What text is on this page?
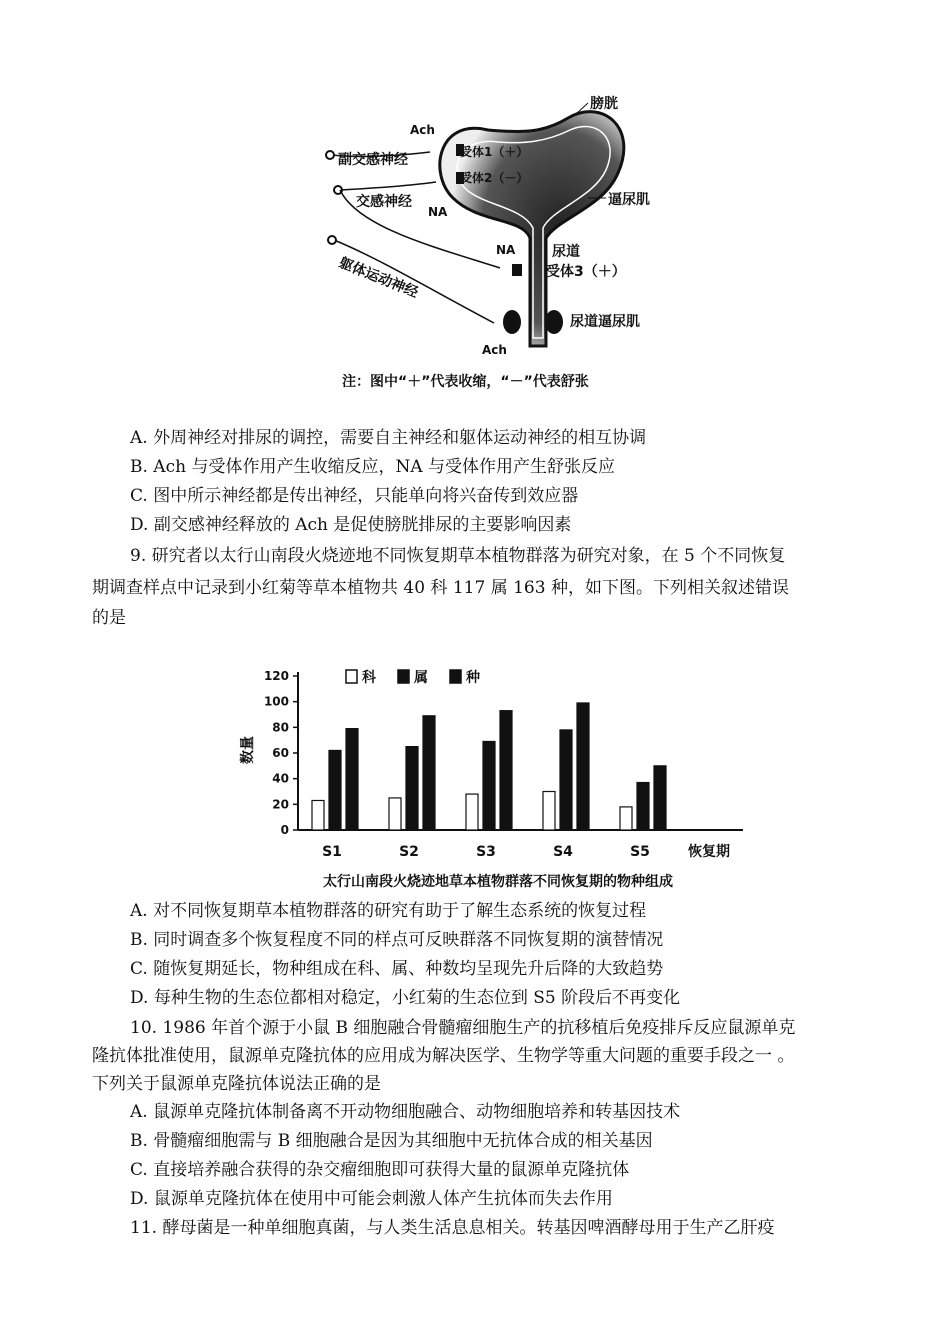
膀胱
Ach
副交感神经	受体1（＋）
受体2（－）
交感神经
NA
逼尿肌
躯体运动神经
NA	尿道
受体3（＋）
尿道逼尿肌
Ach
注：图中“＋”代表收缩，“－”代表舒张
A. 外周神经对排尿的调控，需要自主神经和躯体运动神经的相互协调
B. Ach 与受体作用产生收缩反应，NA 与受体作用产生舒张反应
C. 图中所示神经都是传出神经，只能单向将兴奋传到效应器
D. 副交感神经释放的 Ach 是促使膀胱排尿的主要影响因素
9. 研究者以太行山南段火烧迹地不同恢复期草本植物群落为研究对象，在 5 个不同恢复
期调查样点中记录到小红菊等草本植物共 40 科 117 属 163 种，如下图。下列相关叙述错误
的是
0
20
40
60
80
100
120
数量
S1	S2	S3	S4	S5	恢复期
科	属	种
太行山南段火烧迹地草本植物群落不同恢复期的物种组成
A. 对不同恢复期草本植物群落的研究有助于了解生态系统的恢复过程
B. 同时调查多个恢复程度不同的样点可反映群落不同恢复期的演替情况
C. 随恢复期延长，物种组成在科、属、种数均呈现先升后降的大致趋势
D. 每种生物的生态位都相对稳定，小红菊的生态位到 S5 阶段后不再变化
10. 1986 年首个源于小鼠 B 细胞融合骨髓瘤细胞生产的抗移植后免疫排斥反应鼠源单克
隆抗体批准使用，鼠源单克隆抗体的应用成为解决医学、生物学等重大问题的重要手段之一 。
下列关于鼠源单克隆抗体说法正确的是
A. 鼠源单克隆抗体制备离不开动物细胞融合、动物细胞培养和转基因技术
B. 骨髓瘤细胞需与 B 细胞融合是因为其细胞中无抗体合成的相关基因
C. 直接培养融合获得的杂交瘤细胞即可获得大量的鼠源单克隆抗体
D. 鼠源单克隆抗体在使用中可能会刺激人体产生抗体而失去作用
11. 酵母菌是一种单细胞真菌，与人类生活息息相关。转基因啤酒酵母用于生产乙肝疫
